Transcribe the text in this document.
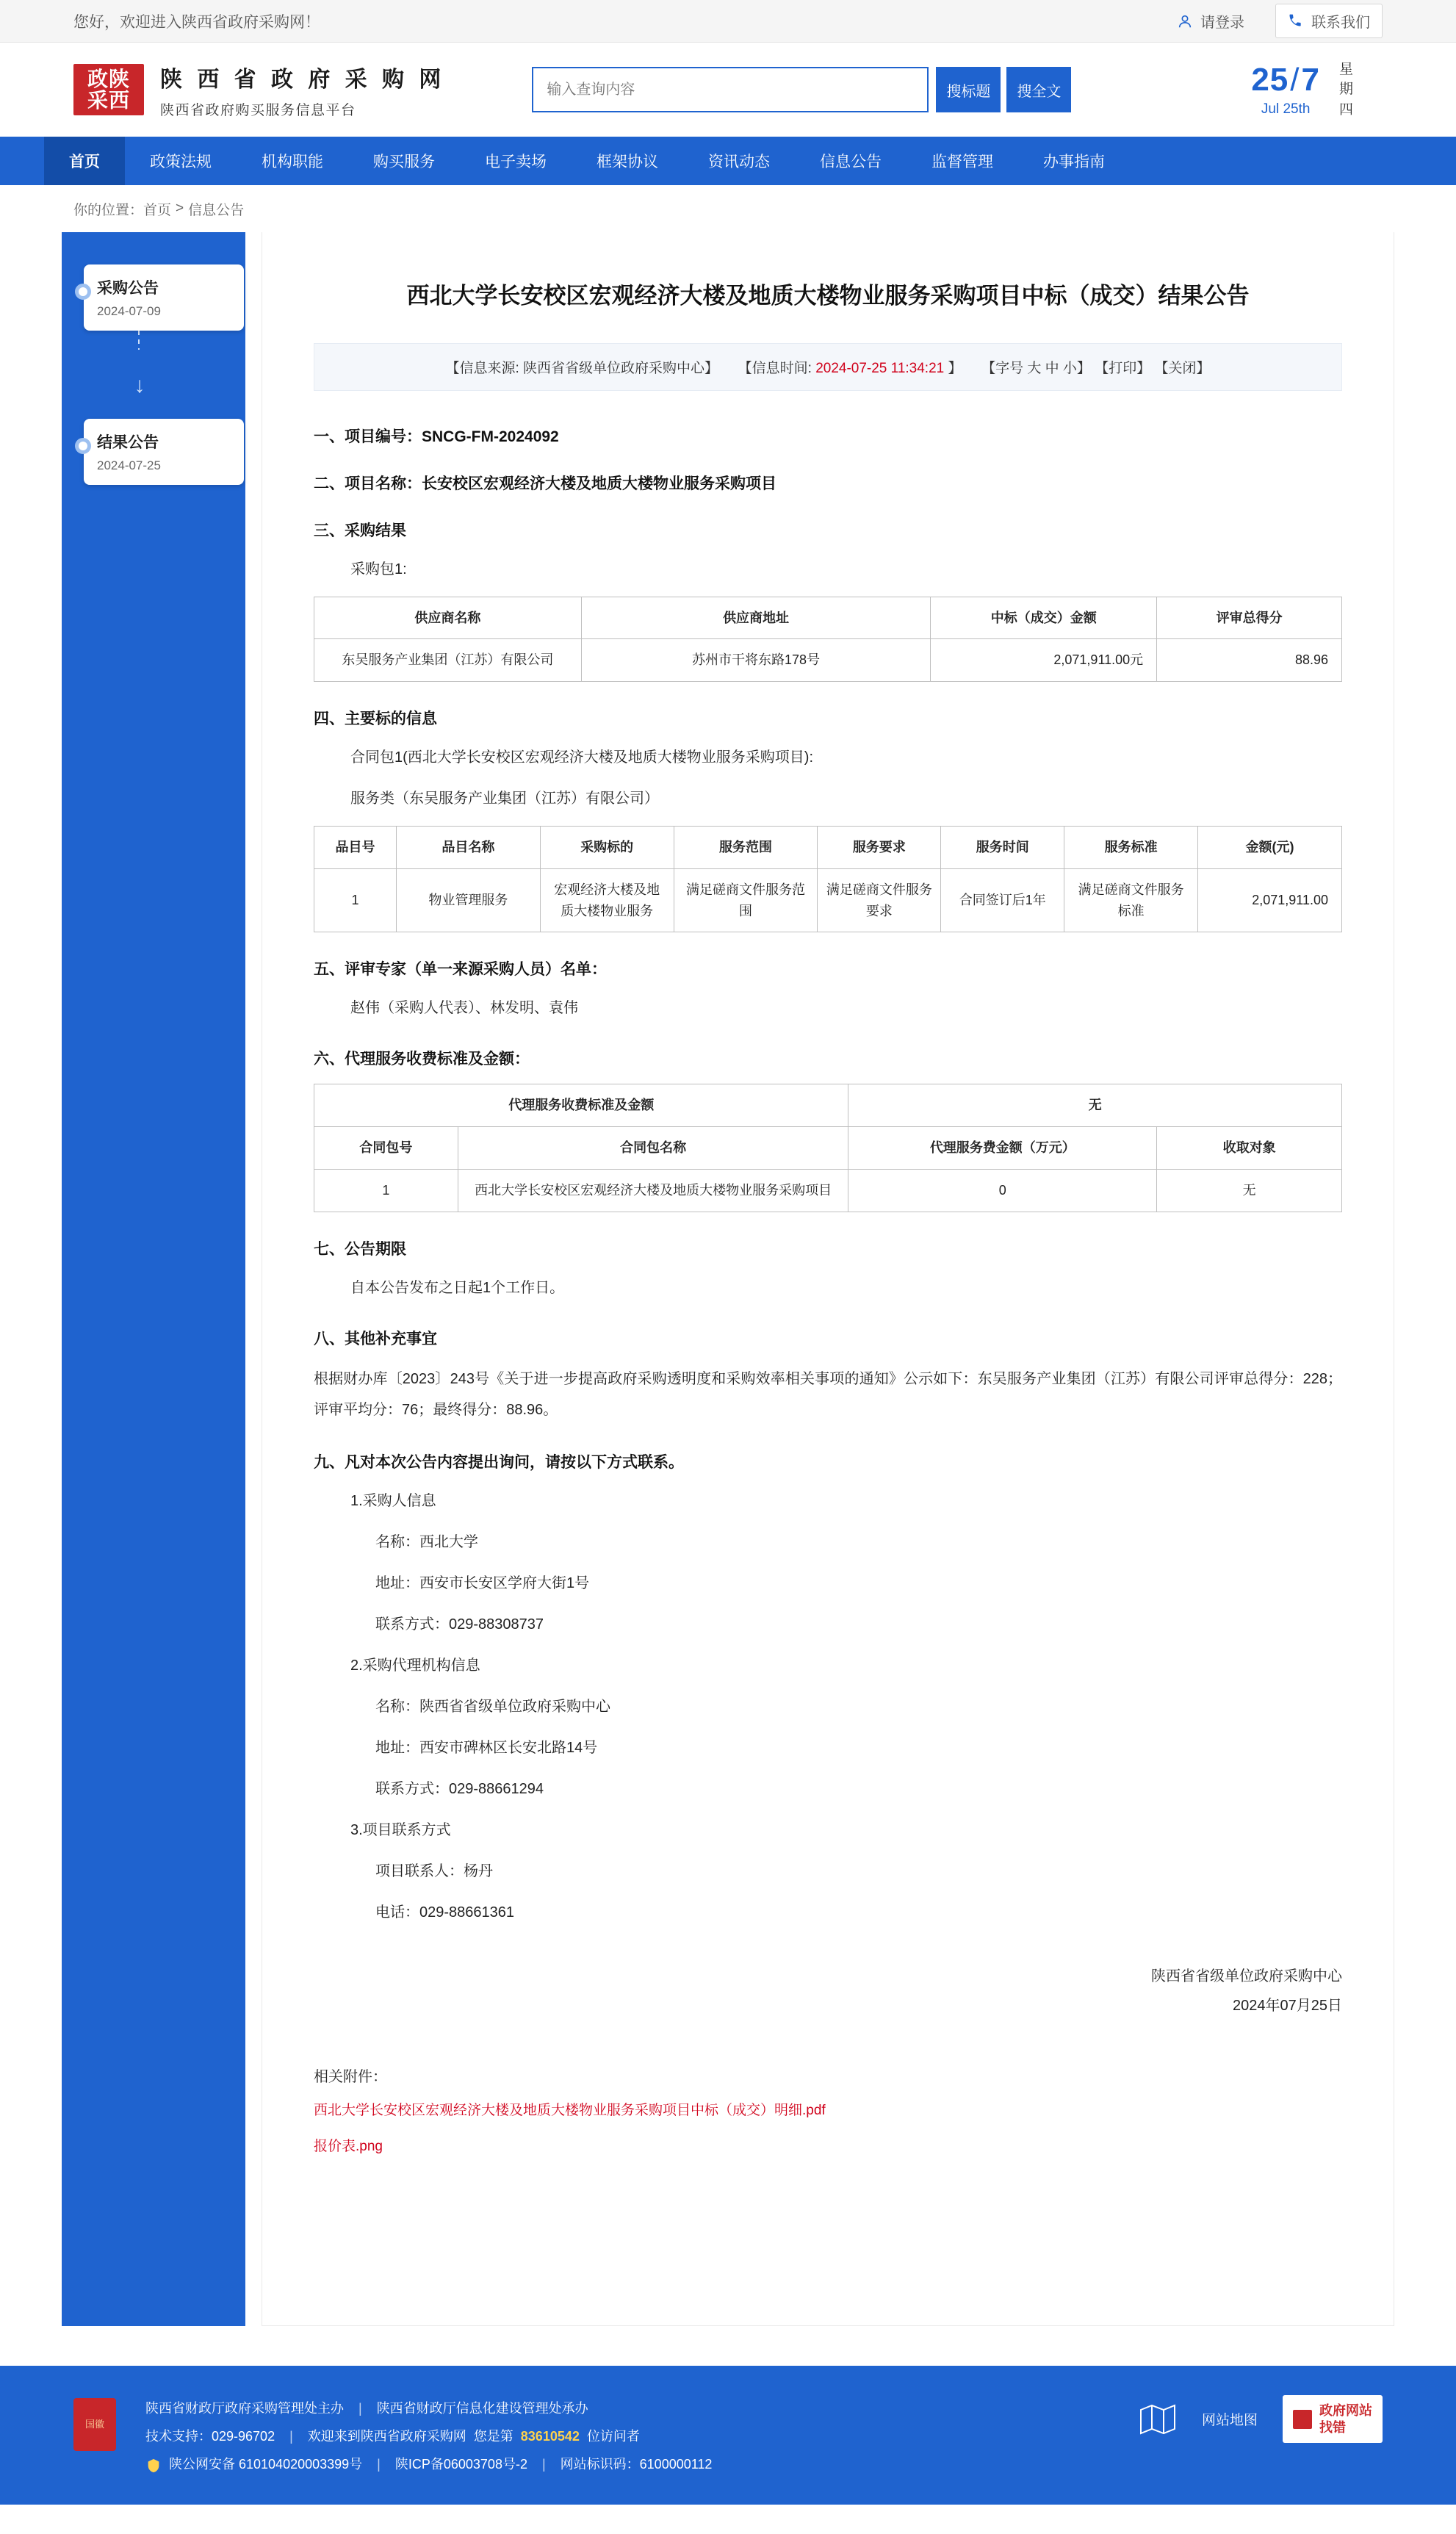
您好，欢迎进入陕西省政府采购网！	请登录	联系我们
政陕
采西
陕 西 省 政 府 采 购 网
陕西省政府购买服务信息平台
输入查询内容
搜标题	搜全文	25/7
Jul 25th
星
期
四
首页	政策法规	机构职能	购买服务	电子卖场	框架协议	资讯动态	信息公告	监督管理	办事指南
你的位置： 首页 > 信息公告
采购公告
2024-07-09
↓
结果公告
2024-07-25
西北大学长安校区宏观经济大楼及地质大楼物业服务采购项目中标（成交）结果公告
【信息来源: 陕西省省级单位政府采购中心】 【信息时间: 2024-07-25 11:34:21 】 【字号 大 中 小】 【打印】 【关闭】
一、项目编号：SNCG-FM-2024092
二、项目名称：长安校区宏观经济大楼及地质大楼物业服务采购项目
三、采购结果
采购包1:
供应商名称	供应商地址	中标（成交）金额	评审总得分
东吴服务产业集团（江苏）有限公司	苏州市干将东路178号	2,071,911.00元	88.96
四、主要标的信息
合同包1(西北大学长安校区宏观经济大楼及地质大楼物业服务采购项目):
服务类（东吴服务产业集团（江苏）有限公司）
品目号	品目名称	采购标的	服务范围	服务要求	服务时间	服务标准	金额(元)
1	物业管理服务	宏观经济大楼及地质大楼物业服务	满足磋商文件服务范围	满足磋商文件服务要求	合同签订后1年	满足磋商文件服务标准	2,071,911.00
五、评审专家（单一来源采购人员）名单：
赵伟（采购人代表）、林发明、袁伟
六、代理服务收费标准及金额：
代理服务收费标准及金额		无	
合同包号	合同包名称	代理服务费金额（万元）	收取对象
1	西北大学长安校区宏观经济大楼及地质大楼物业服务采购项目	0	无
七、公告期限
自本公告发布之日起1个工作日。
八、其他补充事宜
根据财办库〔2023〕243号《关于进一步提高政府采购透明度和采购效率相关事项的通知》公示如下：东吴服务产业集团（江苏）有限公司评审总得分：228；评审平均分：76；最终得分：88.96。
九、凡对本次公告内容提出询问，请按以下方式联系。
1.采购人信息
名称：西北大学
地址：西安市长安区学府大街1号
联系方式：029-88308737
2.采购代理机构信息
名称：陕西省省级单位政府采购中心
地址：西安市碑林区长安北路14号
联系方式：029-88661294
3.项目联系方式
项目联系人：杨丹
电话：029-88661361
陕西省省级单位政府采购中心
2024年07月25日
相关附件：
西北大学长安校区宏观经济大楼及地质大楼物业服务采购项目中标（成交）明细.pdf
报价表.png
国徽
陕西省财政厅政府采购管理处主办 | 陕西省财政厅信息化建设管理处承办
技术支持：029-96702 | 欢迎来到陕西省政府采购网 您是第 83610542 位访问者
陕公网安备 610104020003399号 | 陕ICP备06003708号-2 | 网站标识码：6100000112
网站地图
政府网站
找错
